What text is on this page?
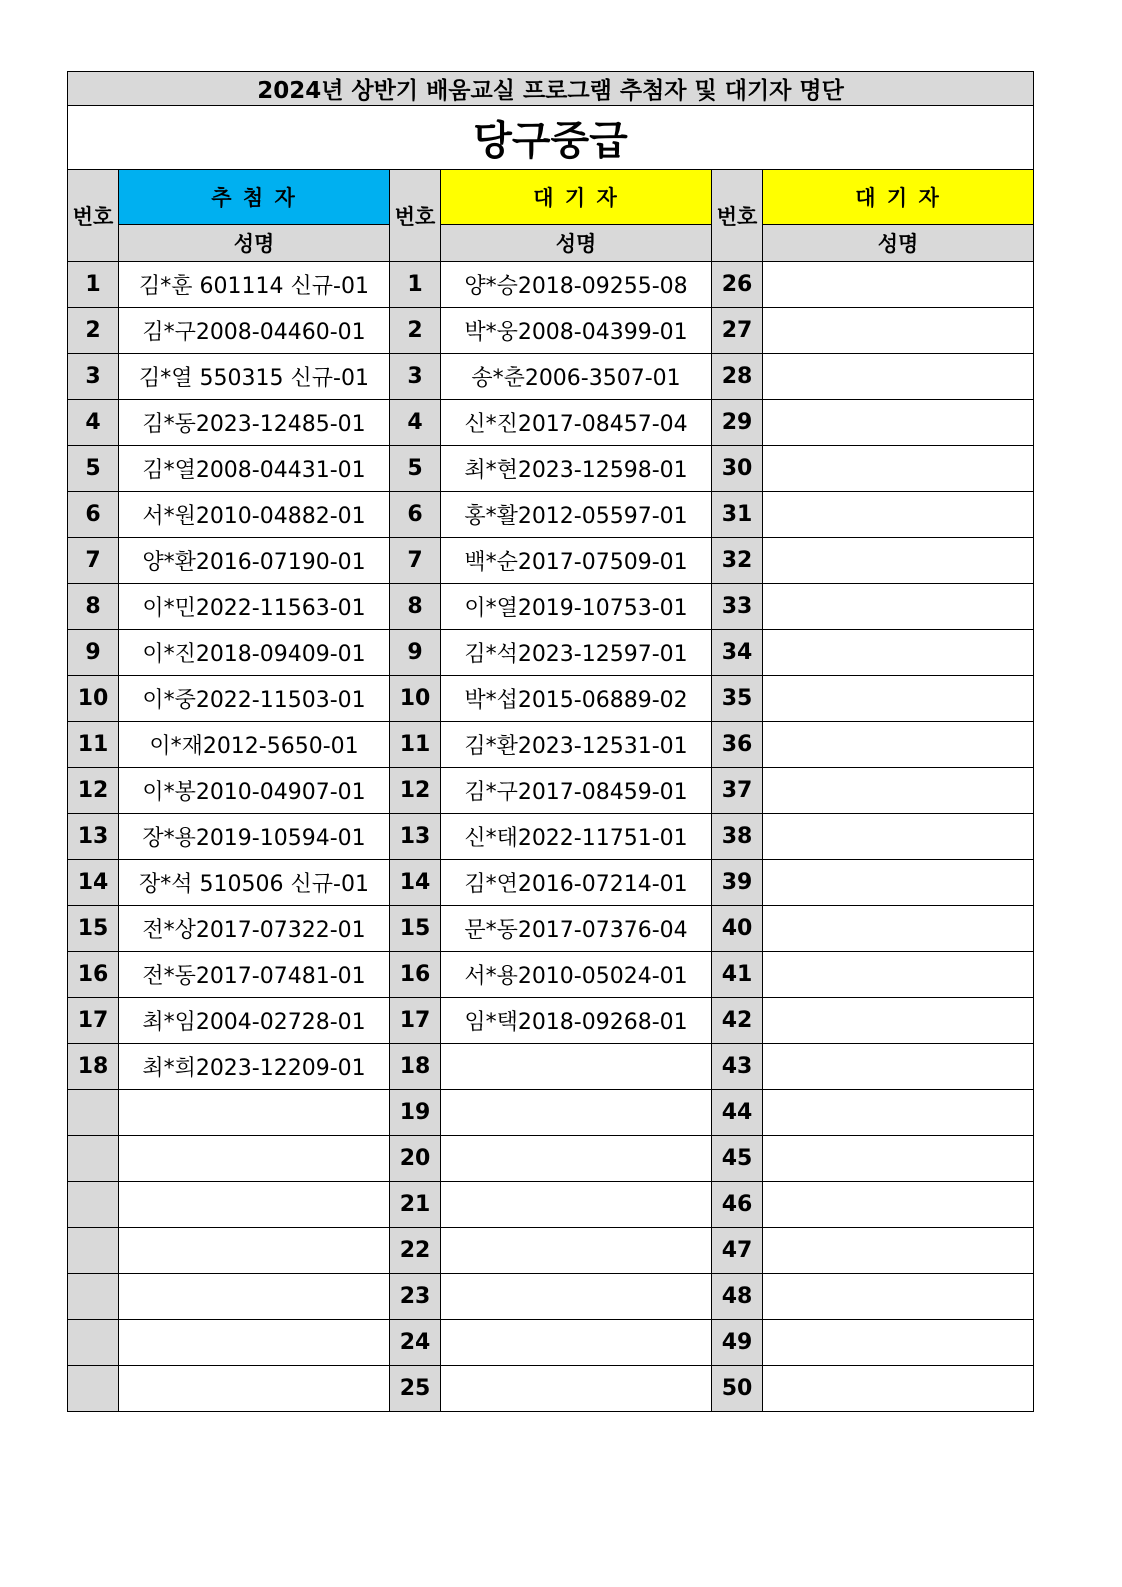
2024년 상반기 배움교실 프로그램 추첨자 및 대기자 명단					
당구중급					
번호	추 첨 자	번호	대 기 자	번호	대 기 자
	성명		성명		성명
1	김*훈 601114 신규-01	1	양*승2018-09255-08	26	
2	김*구2008-04460-01	2	박*웅2008-04399-01	27	
3	김*열 550315 신규-01	3	송*춘2006-3507-01	28	
4	김*동2023-12485-01	4	신*진2017-08457-04	29	
5	김*열2008-04431-01	5	최*현2023-12598-01	30	
6	서*원2010-04882-01	6	홍*활2012-05597-01	31	
7	양*환2016-07190-01	7	백*순2017-07509-01	32	
8	이*민2022-11563-01	8	이*열2019-10753-01	33	
9	이*진2018-09409-01	9	김*석2023-12597-01	34	
10	이*중2022-11503-01	10	박*섭2015-06889-02	35	
11	이*재2012-5650-01	11	김*환2023-12531-01	36	
12	이*봉2010-04907-01	12	김*구2017-08459-01	37	
13	장*용2019-10594-01	13	신*태2022-11751-01	38	
14	장*석 510506 신규-01	14	김*연2016-07214-01	39	
15	전*상2017-07322-01	15	문*동2017-07376-04	40	
16	전*동2017-07481-01	16	서*용2010-05024-01	41	
17	최*임2004-02728-01	17	임*택2018-09268-01	42	
18	최*희2023-12209-01	18		43	
		19		44	
		20		45	
		21		46	
		22		47	
		23		48	
		24		49	
		25		50	
